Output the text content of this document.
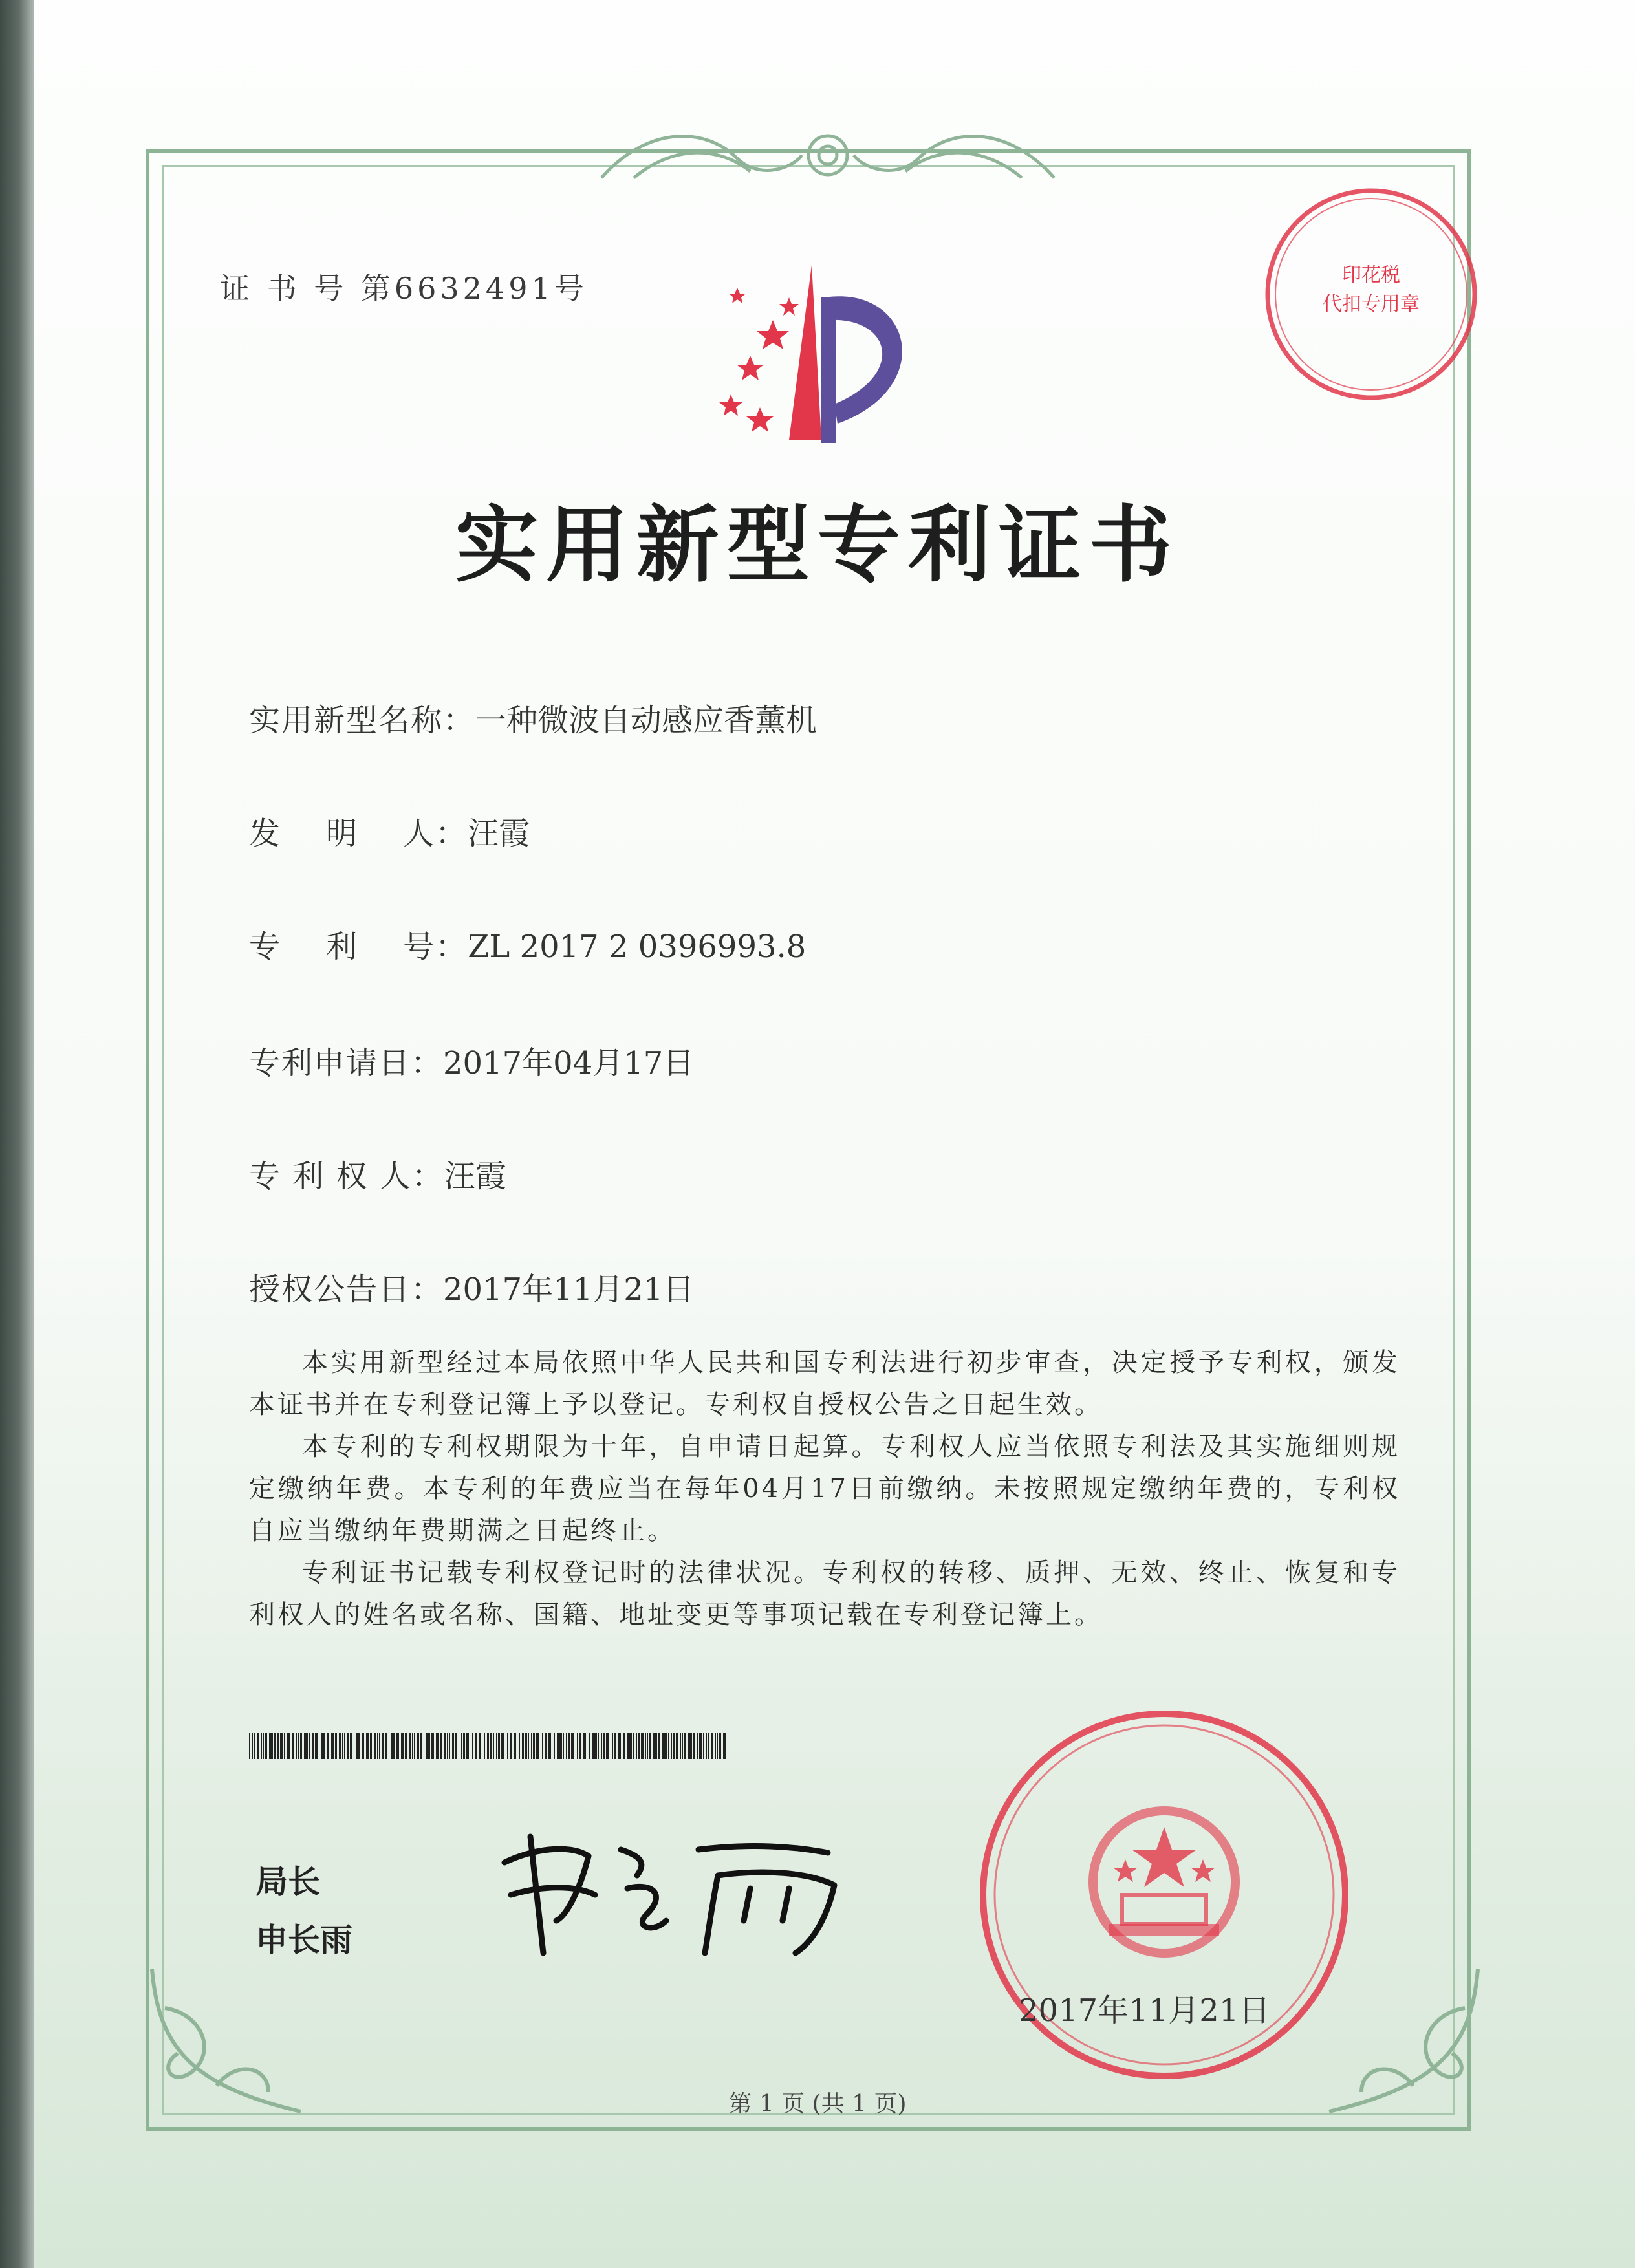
证 书 号 第6632491号	印花税
代扣专用章
实用新型专利证书
实用新型名称：一种微波自动感应香薰机
发    明    人：汪霞
专    利    号：ZL 2017 2 0396993.8
专利申请日：2017年04月17日
专 利 权 人：汪霞
授权公告日：2017年11月21日

本实用新型经过本局依照中华人民共和国专利法进行初步审查，决定授予专利权，颁发本证书并在专利登记簿上予以登记。专利权自授权公告之日起生效。

本专利的专利权期限为十年，自申请日起算。专利权人应当依照专利法及其实施细则规定缴纳年费。本专利的年费应当在每年04月17日前缴纳。未按照规定缴纳年费的，专利权自应当缴纳年费期满之日起终止。

专利证书记载专利权登记时的法律状况。专利权的转移、质押、无效、终止、恢复和专利权人的姓名或名称、国籍、地址变更等事项记载在专利登记簿上。

局长
申长雨
2017年11月21日
第 1 页 (共 1 页)
